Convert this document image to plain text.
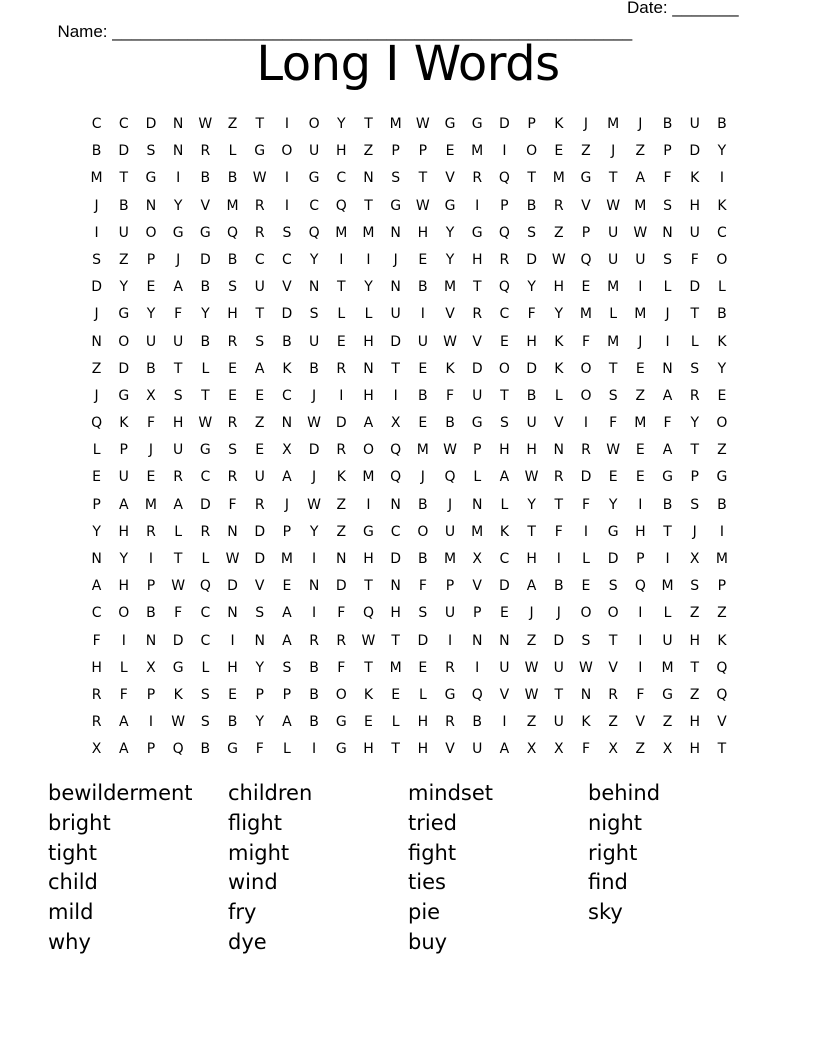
Name: _______________________________________________________

Date: _______

Long I Words
C	C	D	N	W	Z	T	I	O	Y	T	M	W	G	G	D	P	K	J	M	J	B	U	B
B	D	S	N	R	L	G	O	U	H	Z	P	P	E	M	I	O	E	Z	J	Z	P	D	Y
M	T	G	I	B	B	W	I	G	C	N	S	T	V	R	Q	T	M	G	T	A	F	K	I
J	B	N	Y	V	M	R	I	C	Q	T	G	W	G	I	P	B	R	V	W	M	S	H	K
I	U	O	G	G	Q	R	S	Q	M	M	N	H	Y	G	Q	S	Z	P	U	W	N	U	C
S	Z	P	J	D	B	C	C	Y	I	I	J	E	Y	H	R	D	W	Q	U	U	S	F	O
D	Y	E	A	B	S	U	V	N	T	Y	N	B	M	T	Q	Y	H	E	M	I	L	D	L
J	G	Y	F	Y	H	T	D	S	L	L	U	I	V	R	C	F	Y	M	L	M	J	T	B
N	O	U	U	B	R	S	B	U	E	H	D	U	W	V	E	H	K	F	M	J	I	L	K
Z	D	B	T	L	E	A	K	B	R	N	T	E	K	D	O	D	K	O	T	E	N	S	Y
J	G	X	S	T	E	E	C	J	I	H	I	B	F	U	T	B	L	O	S	Z	A	R	E
Q	K	F	H	W	R	Z	N	W	D	A	X	E	B	G	S	U	V	I	F	M	F	Y	O
L	P	J	U	G	S	E	X	D	R	O	Q	M	W	P	H	H	N	R	W	E	A	T	Z
E	U	E	R	C	R	U	A	J	K	M	Q	J	Q	L	A	W	R	D	E	E	G	P	G
P	A	M	A	D	F	R	J	W	Z	I	N	B	J	N	L	Y	T	F	Y	I	B	S	B
Y	H	R	L	R	N	D	P	Y	Z	G	C	O	U	M	K	T	F	I	G	H	T	J	I
N	Y	I	T	L	W	D	M	I	N	H	D	B	M	X	C	H	I	L	D	P	I	X	M
A	H	P	W	Q	D	V	E	N	D	T	N	F	P	V	D	A	B	E	S	Q	M	S	P
C	O	B	F	C	N	S	A	I	F	Q	H	S	U	P	E	J	J	O	O	I	L	Z	Z
F	I	N	D	C	I	N	A	R	R	W	T	D	I	N	N	Z	D	S	T	I	U	H	K
H	L	X	G	L	H	Y	S	B	F	T	M	E	R	I	U	W	U	W	V	I	M	T	Q
R	F	P	K	S	E	P	P	B	O	K	E	L	G	Q	V	W	T	N	R	F	G	Z	Q
R	A	I	W	S	B	Y	A	B	G	E	L	H	R	B	I	Z	U	K	Z	V	Z	H	V
X	A	P	Q	B	G	F	L	I	G	H	T	H	V	U	A	X	X	F	X	Z	X	H	T
bewilderment
bright
tight
child
mild
why
children
flight
might
wind
fry
dye
mindset
tried
fight
ties
pie
buy
behind
night
right
find
sky
